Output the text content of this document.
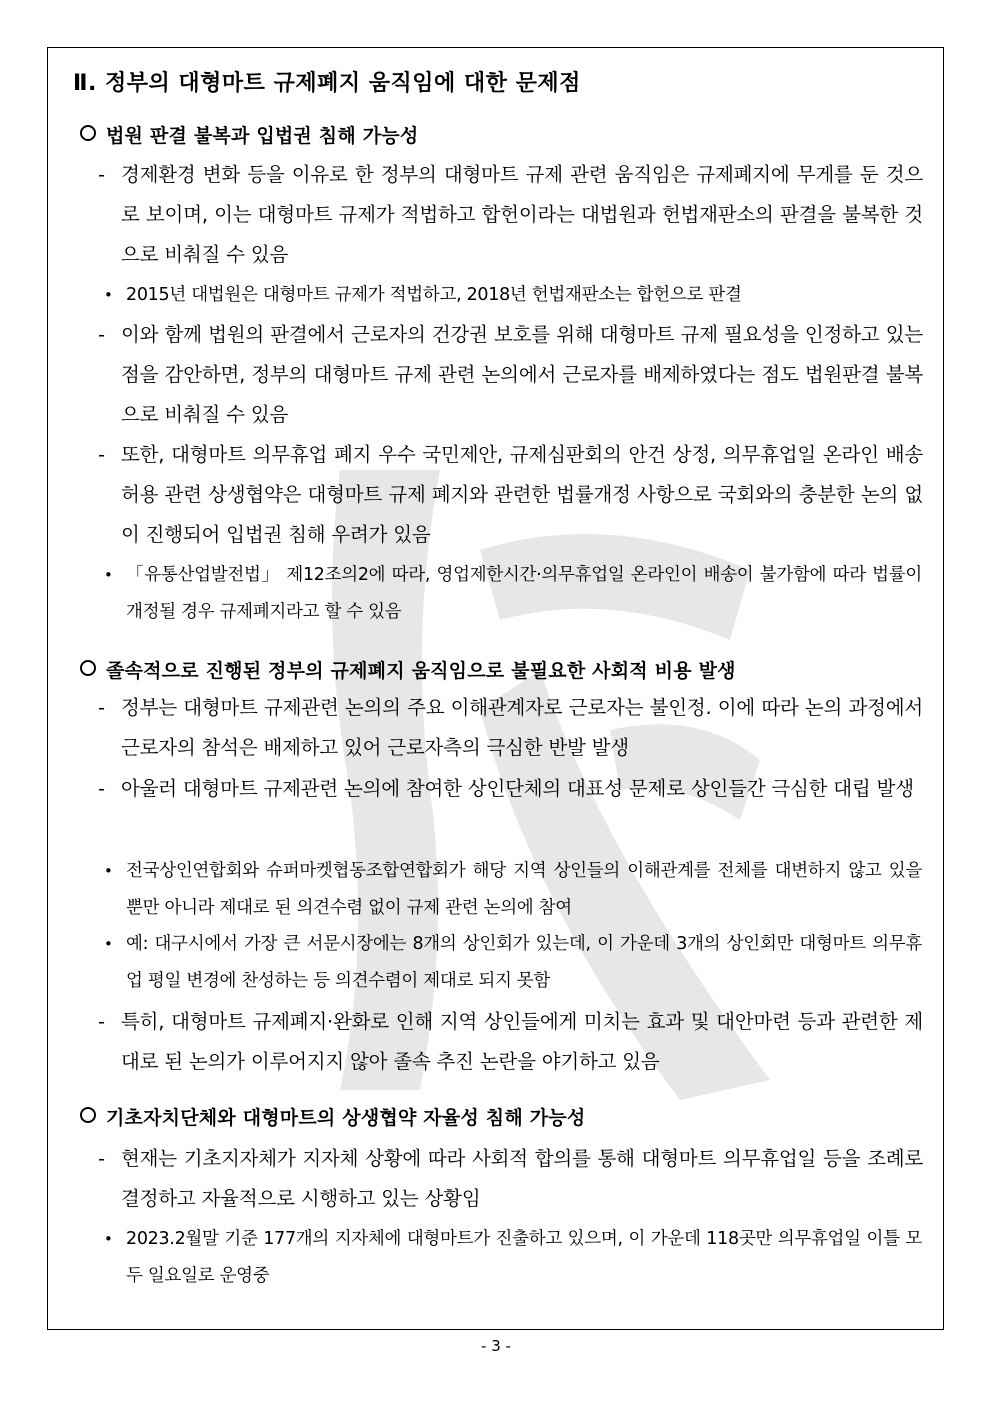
Ⅱ. 정부의 대형마트 규제폐지 움직임에 대한 문제점
법원 판결 불복과 입법권 침해 가능성
- 경제환경 변화 등을 이유로 한 정부의 대형마트 규제 관련 움직임은 규제폐지에 무게를 둔 것으로 보이며, 이는 대형마트 규제가 적법하고 합헌이라는 대법원과 헌법재판소의 판결을 불복한 것으로 비춰질 수 있음
• 2015년 대법원은 대형마트 규제가 적법하고, 2018년 헌법재판소는 합헌으로 판결
- 이와 함께 법원의 판결에서 근로자의 건강권 보호를 위해 대형마트 규제 필요성을 인정하고 있는 점을 감안하면, 정부의 대형마트 규제 관련 논의에서 근로자를 배제하였다는 점도 법원판결 불복으로 비춰질 수 있음
- 또한, 대형마트 의무휴업 폐지 우수 국민제안, 규제심판회의 안건 상정, 의무휴업일 온라인 배송 허용 관련 상생협약은 대형마트 규제 폐지와 관련한 법률개정 사항으로 국회와의 충분한 논의 없이 진행되어 입법권 침해 우려가 있음
• 「유통산업발전법」 제12조의2에 따라, 영업제한시간·의무휴업일 온라인이 배송이 불가함에 따라 법률이 개정될 경우 규제폐지라고 할 수 있음
졸속적으로 진행된 정부의 규제폐지 움직임으로 불필요한 사회적 비용 발생
- 정부는 대형마트 규제관련 논의의 주요 이해관계자로 근로자는 불인정. 이에 따라 논의 과정에서 근로자의 참석은 배제하고 있어 근로자측의 극심한 반발 발생
- 아울러 대형마트 규제관련 논의에 참여한 상인단체의 대표성 문제로 상인들간 극심한 대립 발생
• 전국상인연합회와 슈퍼마켓협동조합연합회가 해당 지역 상인들의 이해관계를 전체를 대변하지 않고 있을 뿐만 아니라 제대로 된 의견수렴 없이 규제 관련 논의에 참여
• 예: 대구시에서 가장 큰 서문시장에는 8개의 상인회가 있는데, 이 가운데 3개의 상인회만 대형마트 의무휴업 평일 변경에 찬성하는 등 의견수렴이 제대로 되지 못함
- 특히, 대형마트 규제폐지·완화로 인해 지역 상인들에게 미치는 효과 및 대안마련 등과 관련한 제대로 된 논의가 이루어지지 않아 졸속 추진 논란을 야기하고 있음
기초자치단체와 대형마트의 상생협약 자율성 침해 가능성
- 현재는 기초지자체가 지자체 상황에 따라 사회적 합의를 통해 대형마트 의무휴업일 등을 조례로 결정하고 자율적으로 시행하고 있는 상황임
• 2023.2월말 기준 177개의 지자체에 대형마트가 진출하고 있으며, 이 가운데 118곳만 의무휴업일 이틀 모두 일요일로 운영중
- 3 -
